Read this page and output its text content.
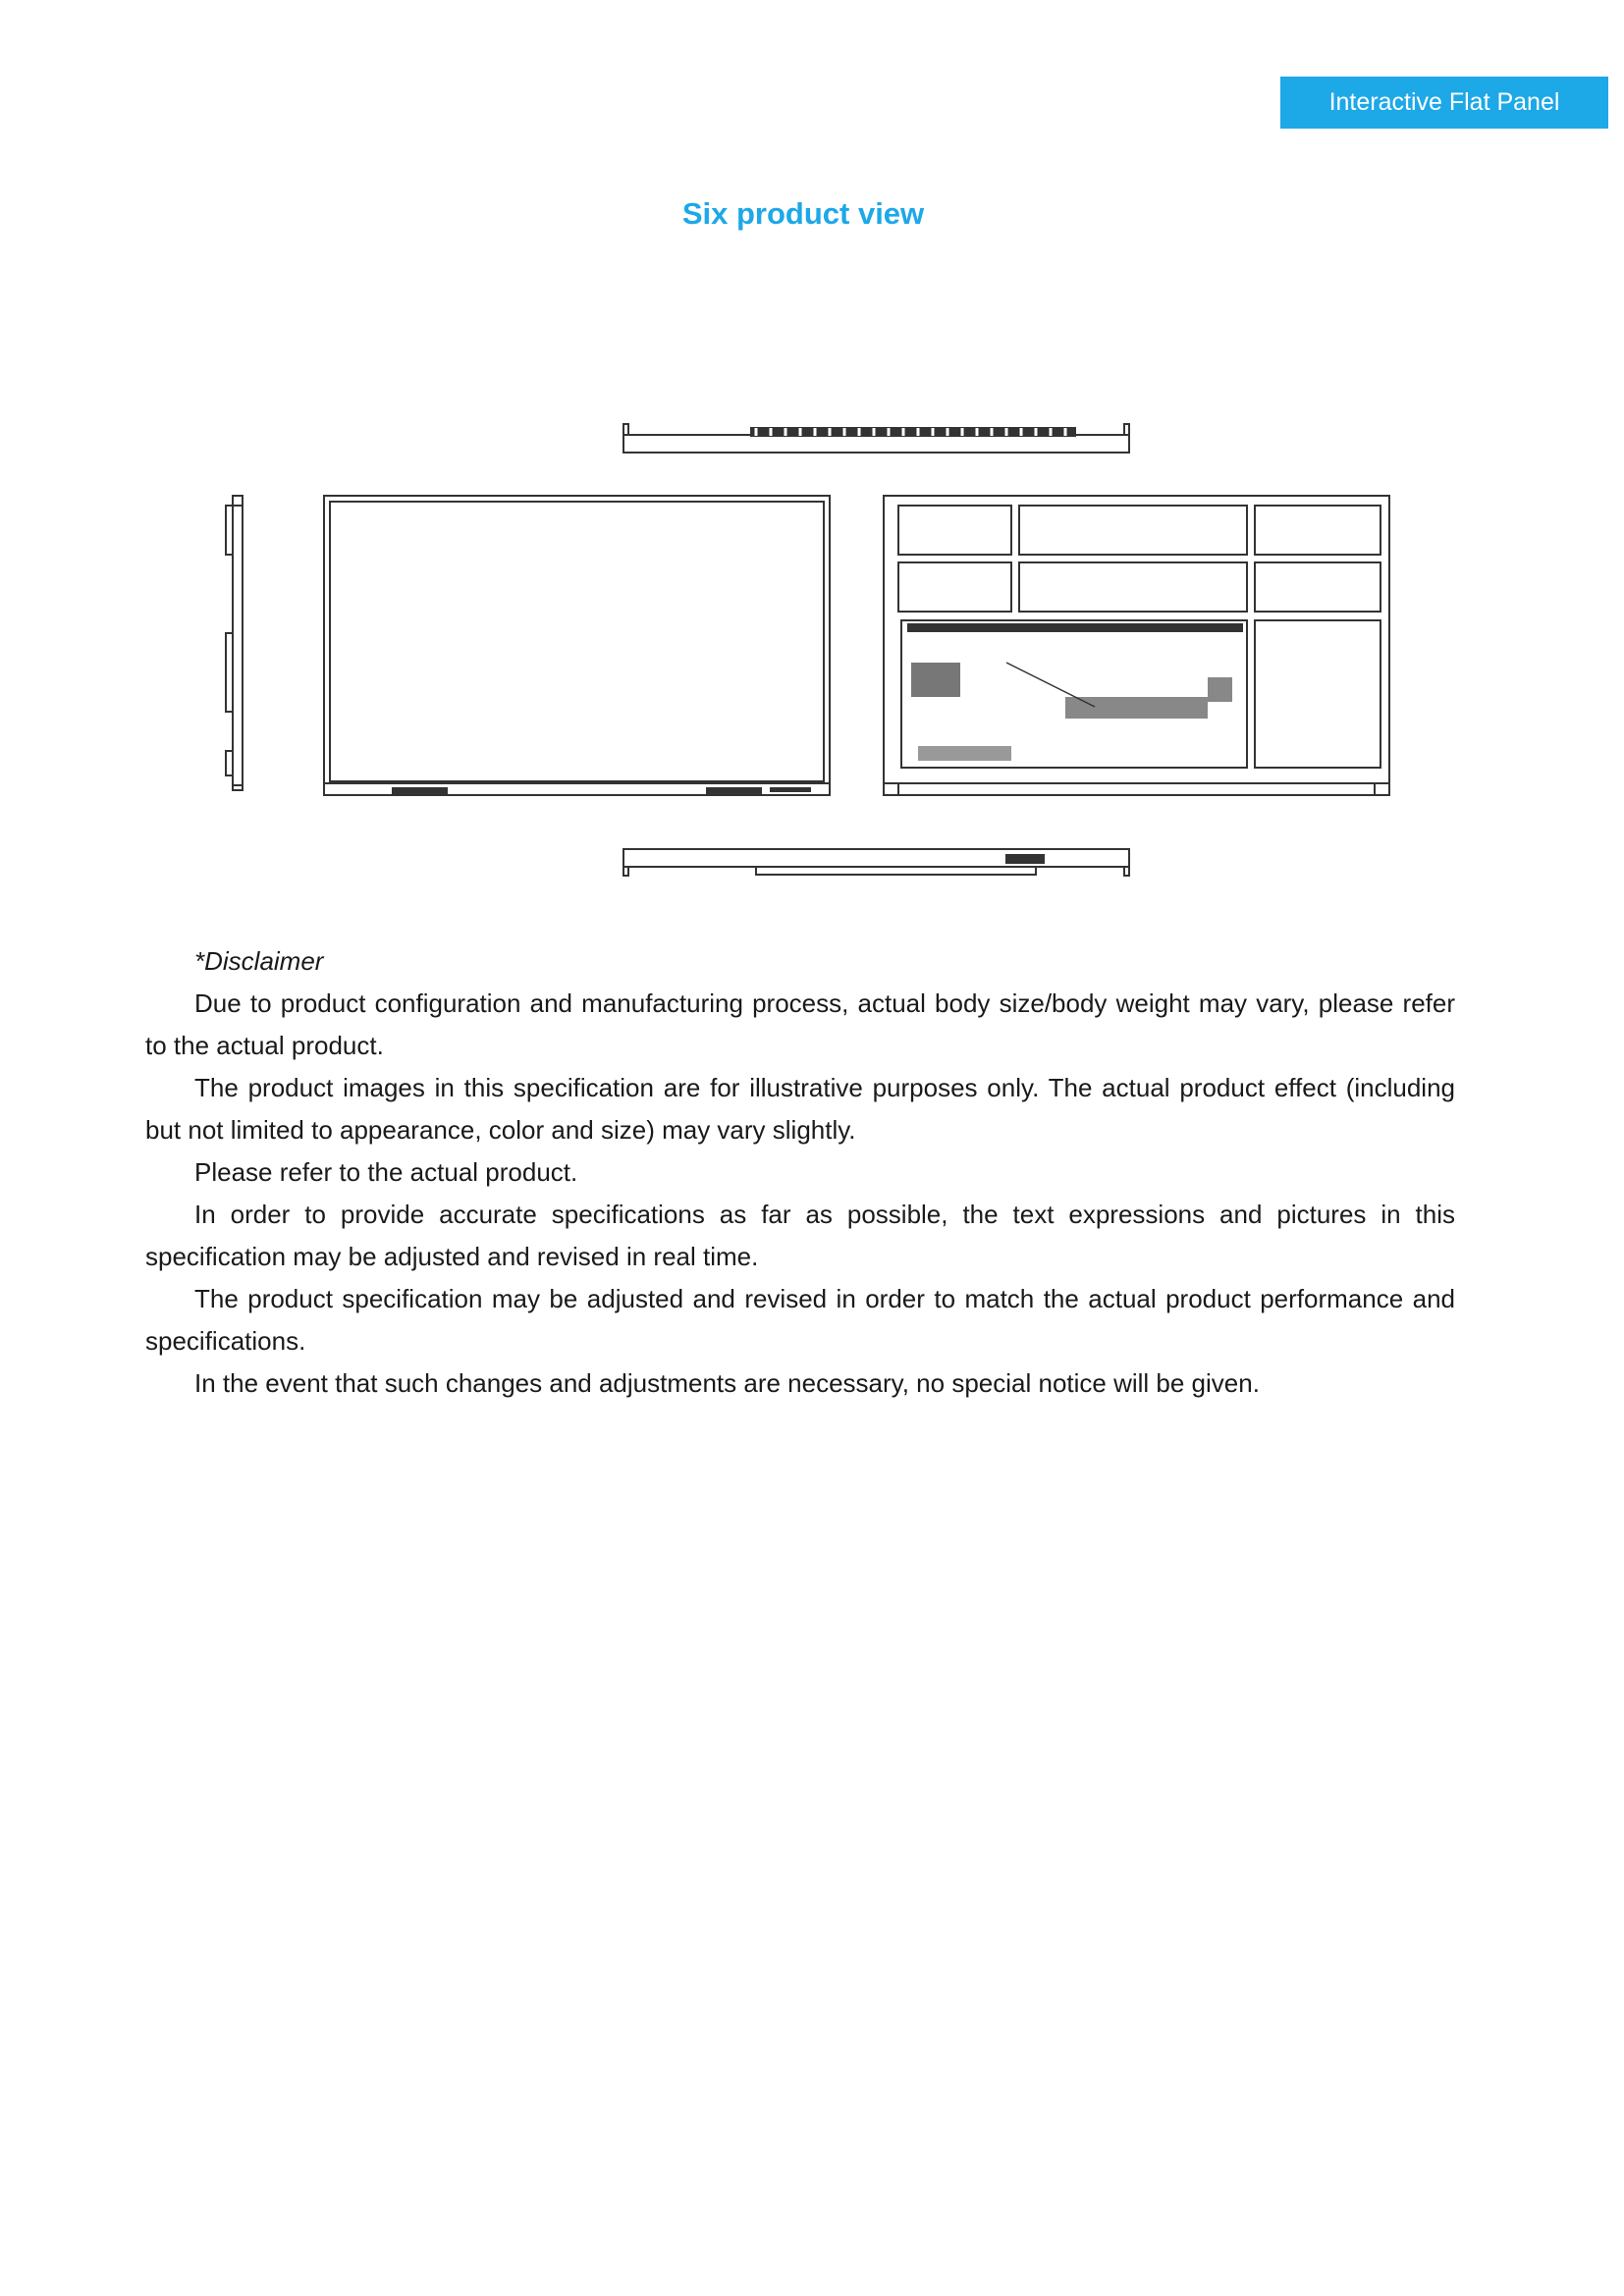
Interactive Flat Panel
Six product view

*Disclaimer

Due to product configuration and manufacturing process, actual body size/body weight may vary, please refer to the actual product.

The product images in this specification are for illustrative purposes only. The actual product effect (including but not limited to appearance, color and size) may vary slightly.

Please refer to the actual product.

In order to provide accurate specifications as far as possible, the text expressions and pictures in this specification may be adjusted and revised in real time.

The product specification may be adjusted and revised in order to match the actual product performance and specifications.

In the event that such changes and adjustments are necessary, no special notice will be given.
